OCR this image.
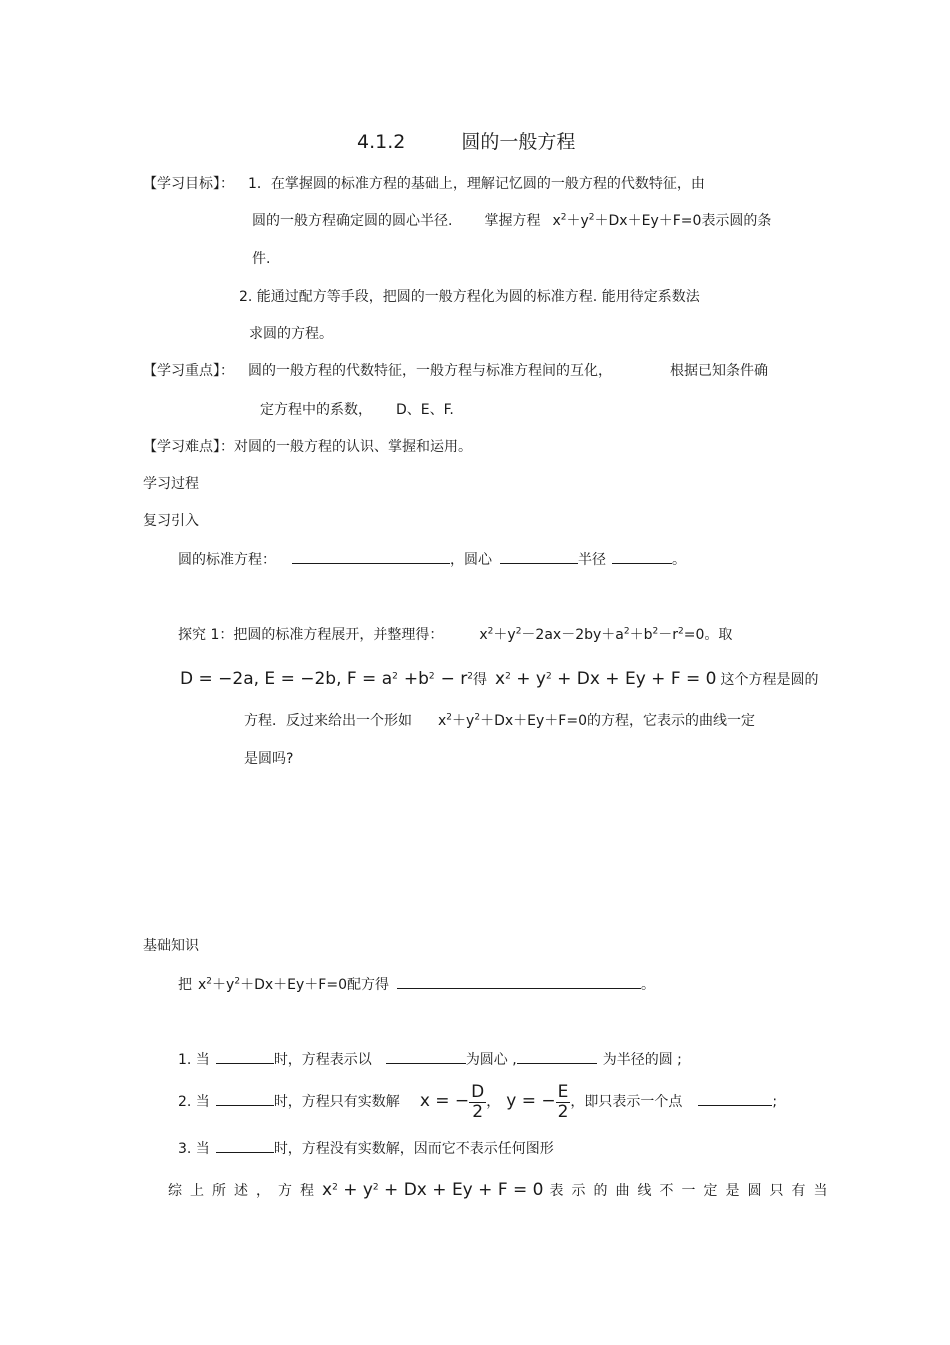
4.1.2	圆的一般方程
【学习目标】： 1．在掌握圆的标准方程的基础上，理解记忆圆的一般方程的代数特征，由
圆的一般方程确定圆的圆心半径. 掌握方程 $x^2+y^2+Dx+Ey+F=0$表示圆的条
件.
2. 能通过配方等手段，把圆的一般方程化为圆的标准方程. 能用待定系数法
求圆的方程。
【学习重点】： 圆的一般方程的代数特征，一般方程与标准方程间的互化，	根据已知条件确
定方程中的系数， D、E、F.
【学习难点】：对圆的一般方程的认识、掌握和运用。
学习过程
复习引入
圆的标准方程：	，圆心	半径	。
探究 1：把圆的标准方程展开，并整理得：	$x^2+y^2-2ax-2by+a^2+b^2-r^2=0$。取
D = −2a, E = −2b, $F = a^2 +b^2 - r^2$得 $x^2 + y^2 + Dx + Ey + F = 0$ 这个方程是圆的
方程．反过来给出一个形如 $x^2+y^2+Dx+Ey+F=0$的方程，它表示的曲线一定
是圆吗?
基础知识
把 $x^2+y^2+Dx+Ey+F=0$配方得	。
1. 当	时，方程表示以	为圆心 ,	为半径的圆 ;
2. 当	时，方程只有实数解 x = − $\frac{D}{2}$ ， y = − $\frac{E}{2}$ ，即只表示一个点	;
3. 当	时，方程没有实数解，因而它不表示任何图形
综上所述，方程$x^2 + y^2 + Dx + Ey + F = 0$ 表示的曲线不一定是圆只有当
